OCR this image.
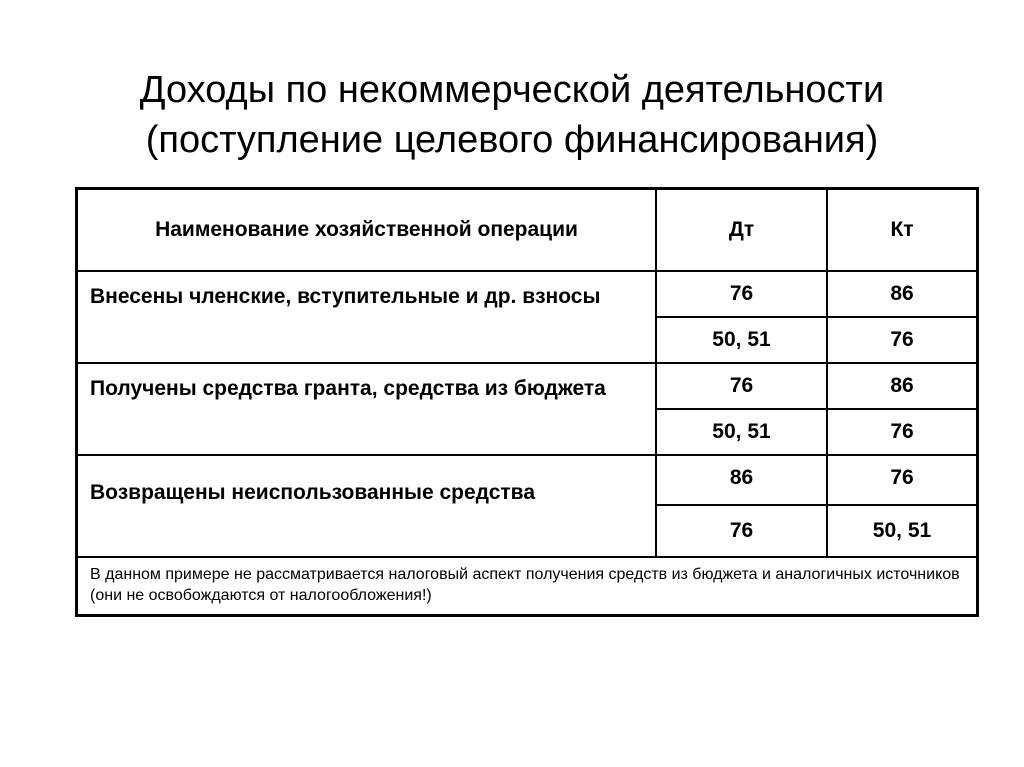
Доходы по некоммерческой деятельности
(поступление целевого финансирования)
Наименование хозяйственной операции	Дт	Кт
Внесены членские, вступительные и др. взносы	76	86
	50, 51	76
Получены средства гранта, средства из бюджета	76	86
	50, 51	76
Возвращены неиспользованные средства	86	76
	76	50, 51
В данном примере не рассматривается налоговый аспект получения средств из бюджета и аналогичных источников (они не освобождаются от налогообложения!)		
